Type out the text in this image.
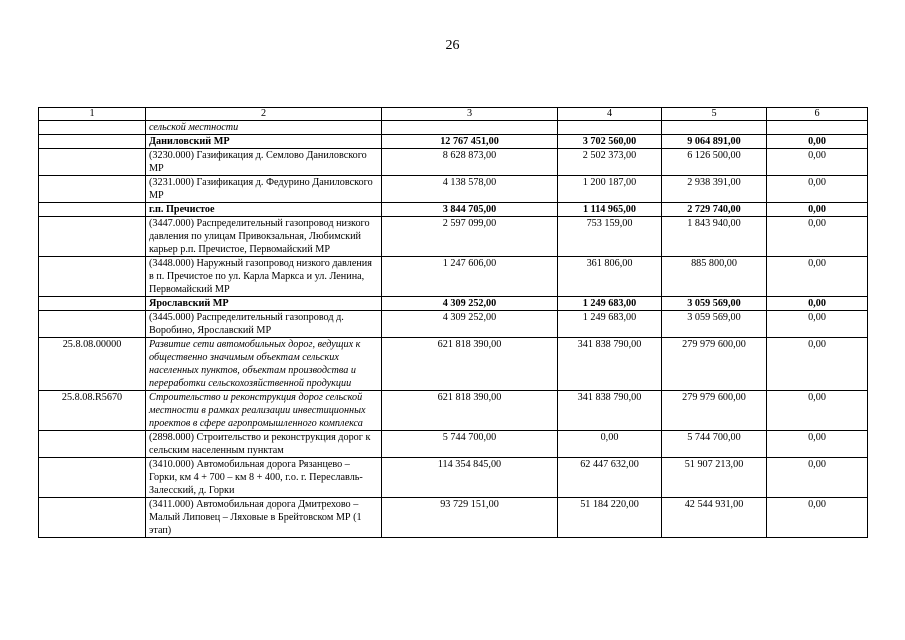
26
1	2	3	4	5	6
	сельской местности				
	Даниловский МР	12 767 451,00	3 702 560,00	9 064 891,00	0,00
	(3230.000) Газификация д. Семлово Даниловского МР	8 628 873,00	2 502 373,00	6 126 500,00	0,00
	(3231.000) Газификация д. Федурино Даниловского МР	4 138 578,00	1 200 187,00	2 938 391,00	0,00
	г.п. Пречистое	3 844 705,00	1 114 965,00	2 729 740,00	0,00
	(3447.000) Распределительный газопровод низкого давления по улицам Привокзальная, Любимский карьер р.п. Пречистое, Первомайский МР	2 597 099,00	753 159,00	1 843 940,00	0,00
	(3448.000) Наружный газопровод низкого давления в п. Пречистое по ул. Карла Маркса и ул. Ленина, Первомайский МР	1 247 606,00	361 806,00	885 800,00	0,00
	Ярославский МР	4 309 252,00	1 249 683,00	3 059 569,00	0,00
	(3445.000) Распределительный газопровод д. Воробино, Ярославский МР	4 309 252,00	1 249 683,00	3 059 569,00	0,00
25.8.08.00000	Развитие сети автомобильных дорог, ведущих к общественно значимым объектам сельских населенных пунктов, объектам производства и переработки сельскохозяйственной продукции	621 818 390,00	341 838 790,00	279 979 600,00	0,00
25.8.08.R5670	Строительство и реконструкция дорог сельской местности в рамках реализации инвестиционных проектов в сфере агропромышленного комплекса	621 818 390,00	341 838 790,00	279 979 600,00	0,00
	(2898.000) Строительство и реконструкция дорог к сельским населенным пунктам	5 744 700,00	0,00	5 744 700,00	0,00
	(3410.000) Автомобильная дорога Рязанцево – Горки, км 4 + 700 – км 8 + 400, г.о. г. Переславль-Залесский, д. Горки	114 354 845,00	62 447 632,00	51 907 213,00	0,00
	(3411.000) Автомобильная дорога Дмитрехово – Малый Липовец – Ляховые в Брейтовском МР (1 этап)	93 729 151,00	51 184 220,00	42 544 931,00	0,00
